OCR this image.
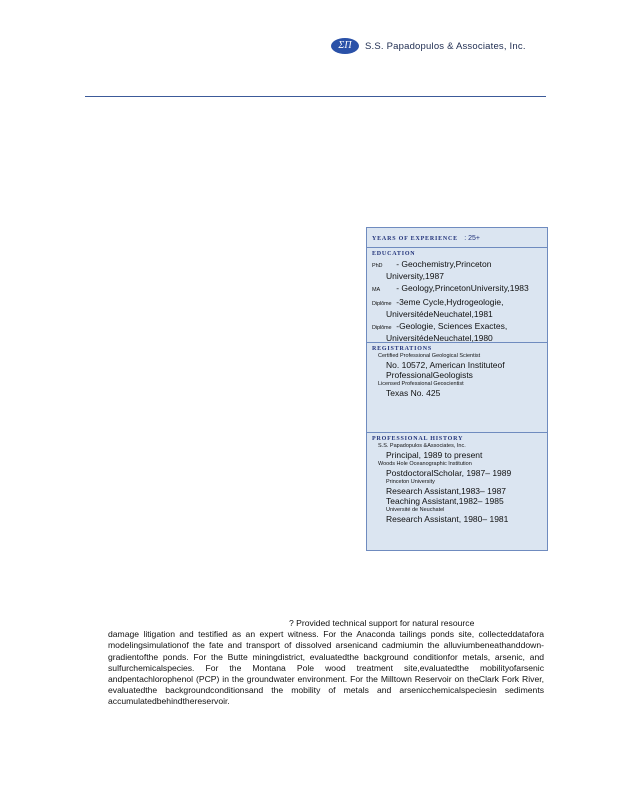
ΣΠ	S.S. Papadopulos & Associates, Inc.
YEARS OF EXPERIENCE : 25+
EDUCATION
PhD - Geochemistry,Princeton
University,1987
MA - Geology,PrincetonUniversity,1983
Diplôme -3eme Cycle,Hydrogeologie,
UniversitédeNeuchatel,1981
Diplôme -Geologie, Sciences Exactes,
UniversitédeNeuchatel,1980
REGISTRATIONS
Certified Professional Geological Scientist
No. 10572, American Instituteof
ProfessionalGeologists
Licensed Professional Geoscientist
Texas No. 425
PROFESSIONAL HISTORY
S.S. Papadopulos &Associates, Inc.
Principal, 1989 to present
Woods Hole Oceanographic Institution
PostdoctoralScholar, 1987– 1989
Princeton University
Research Assistant,1983– 1987
Teaching Assistant,1982– 1985
Université de Neuchatel
Research Assistant, 1980– 1981
? Provided technical support for natural resource
damage litigation and testified as an expert witness. For the Anaconda tailings ponds site, collecteddatafora modelingsimulationof the fate and transport of dissolved arsenicand cadmiumin the alluviumbeneathanddown-gradientofthe ponds. For the Butte miningdistrict, evaluatedthe background conditionfor metals, arsenic, and sulfurchemicalspecies. For the Montana Pole wood treatment site,evaluatedthe mobilityofarsenic andpentachlorophenol (PCP) in the groundwater environment. For the Milltown Reservoir on theClark Fork River, evaluatedthe backgroundconditionsand the mobility of metals and arsenicchemicalspeciesin sediments accumulatedbehindthereservoir.
